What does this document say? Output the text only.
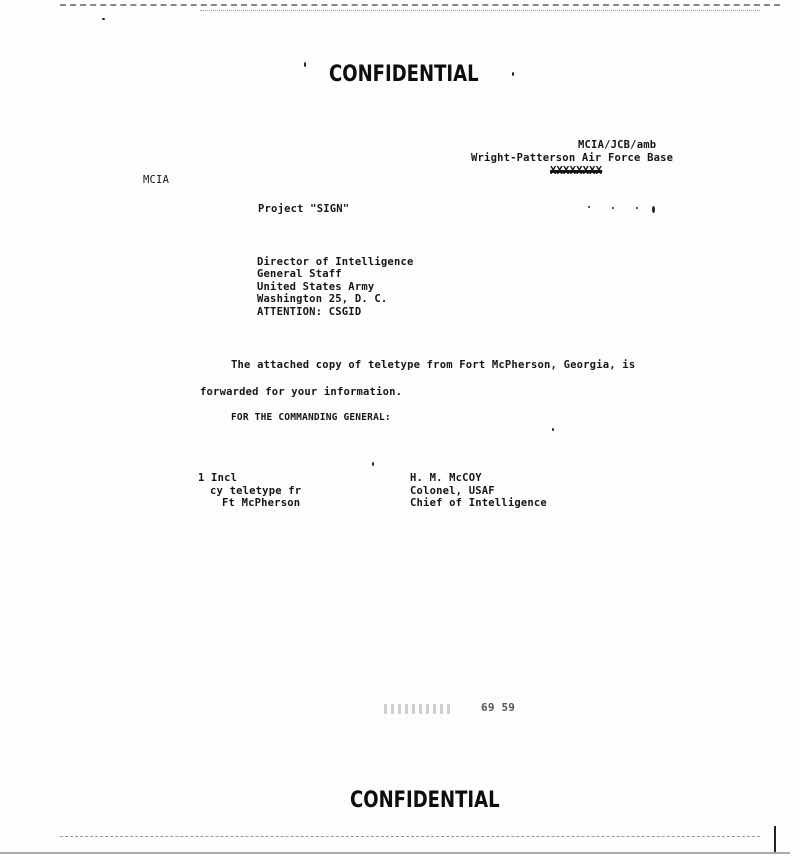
CONFIDENTIAL
MCIA/JCB/amb
Wright-Patterson Air Force Base
XXXXXXXX
MCIA
Project "SIGN"
Director of Intelligence
General Staff
United States Army
Washington 25, D. C.
ATTENTION: CSGID
The attached copy of teletype from Fort McPherson, Georgia, is
forwarded for your information.
FOR THE COMMANDING GENERAL:
1 Incl
cy teletype fr
Ft McPherson
H. M. McCOY
Colonel, USAF
Chief of Intelligence
69 59
CONFIDENTIAL
